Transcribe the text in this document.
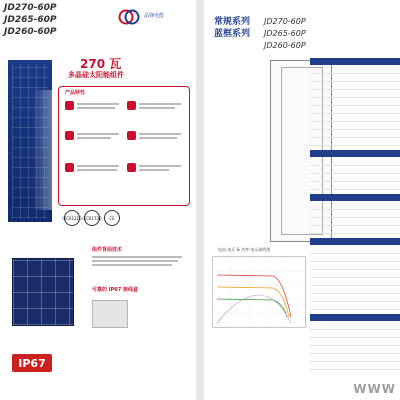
JD270-60P
JD265-60P
JD260-60P
晶锋电能
270 瓦
多晶硅太阳能组件
产品特性
IEC61215 IEC61730	CE
组件背面技术
可靠的 IP67 接线盒
IP67
常规系列
蓝框系列
JD270-60P
JD265-60P
JD260-60P
电流-电压 & 功率-电压曲线图
WWW
